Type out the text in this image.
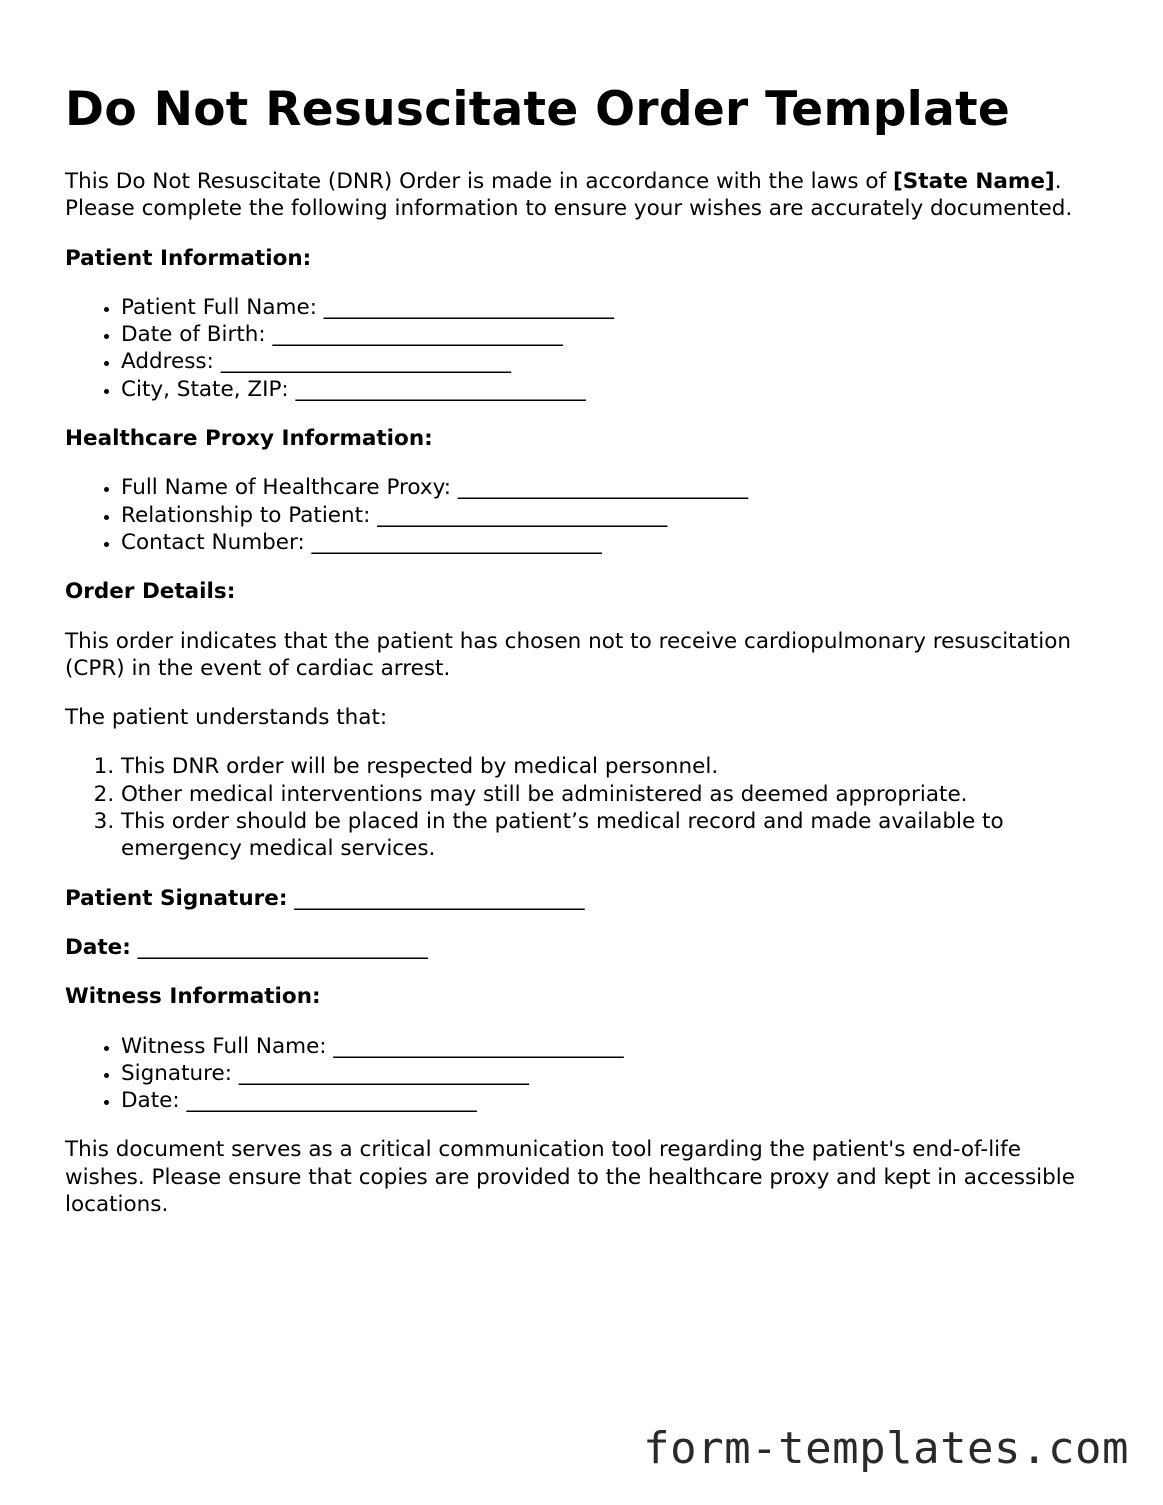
Do Not Resuscitate Order Template

This Do Not Resuscitate (DNR) Order is made in accordance with the laws of [State Name]. Please complete the following information to ensure your wishes are accurately documented.

Patient Information:

• Patient Full Name: ___________________________
• Date of Birth: ___________________________
• Address: ___________________________
• City, State, ZIP: ___________________________

Healthcare Proxy Information:

• Full Name of Healthcare Proxy: ___________________________
• Relationship to Patient: ___________________________
• Contact Number: ___________________________

Order Details:

This order indicates that the patient has chosen not to receive cardiopulmonary resuscitation (CPR) in the event of cardiac arrest.

The patient understands that:

1. This DNR order will be respected by medical personnel.
2. Other medical interventions may still be administered as deemed appropriate.
3. This order should be placed in the patient’s medical record and made available to emergency medical services.

Patient Signature: ___________________________

Date: ___________________________

Witness Information:

• Witness Full Name: ___________________________
• Signature: ___________________________
• Date: ___________________________

This document serves as a critical communication tool regarding the patient's end-of-life wishes. Please ensure that copies are provided to the healthcare proxy and kept in accessible locations.

form-templates.com
